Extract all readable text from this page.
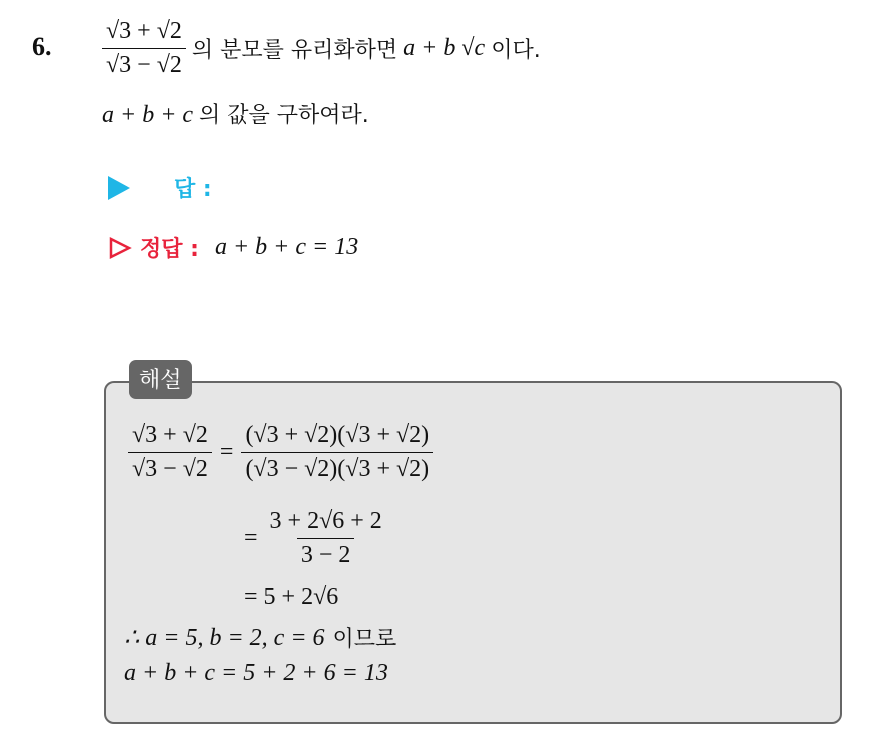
6. $\frac{√3 + √2}{√3 - √2}$ 의 분모를 유리화하면 a + b √c 이다.
a + b + c 의 값을 구하여라.
답 :
정답 : a + b + c = 13
해설
$\frac{√3 + √2}{√3 - √2} = \frac{(√3 + √2)(√3 + √2)}{(√3 - √2)(√3 + √2)}$
= $\frac{3 + 2√6 + 2}{3 - 2}$
= 5 + 2√6
∴ a = 5, b = 2, c = 6 이므로
a + b + c = 5 + 2 + 6 = 13
